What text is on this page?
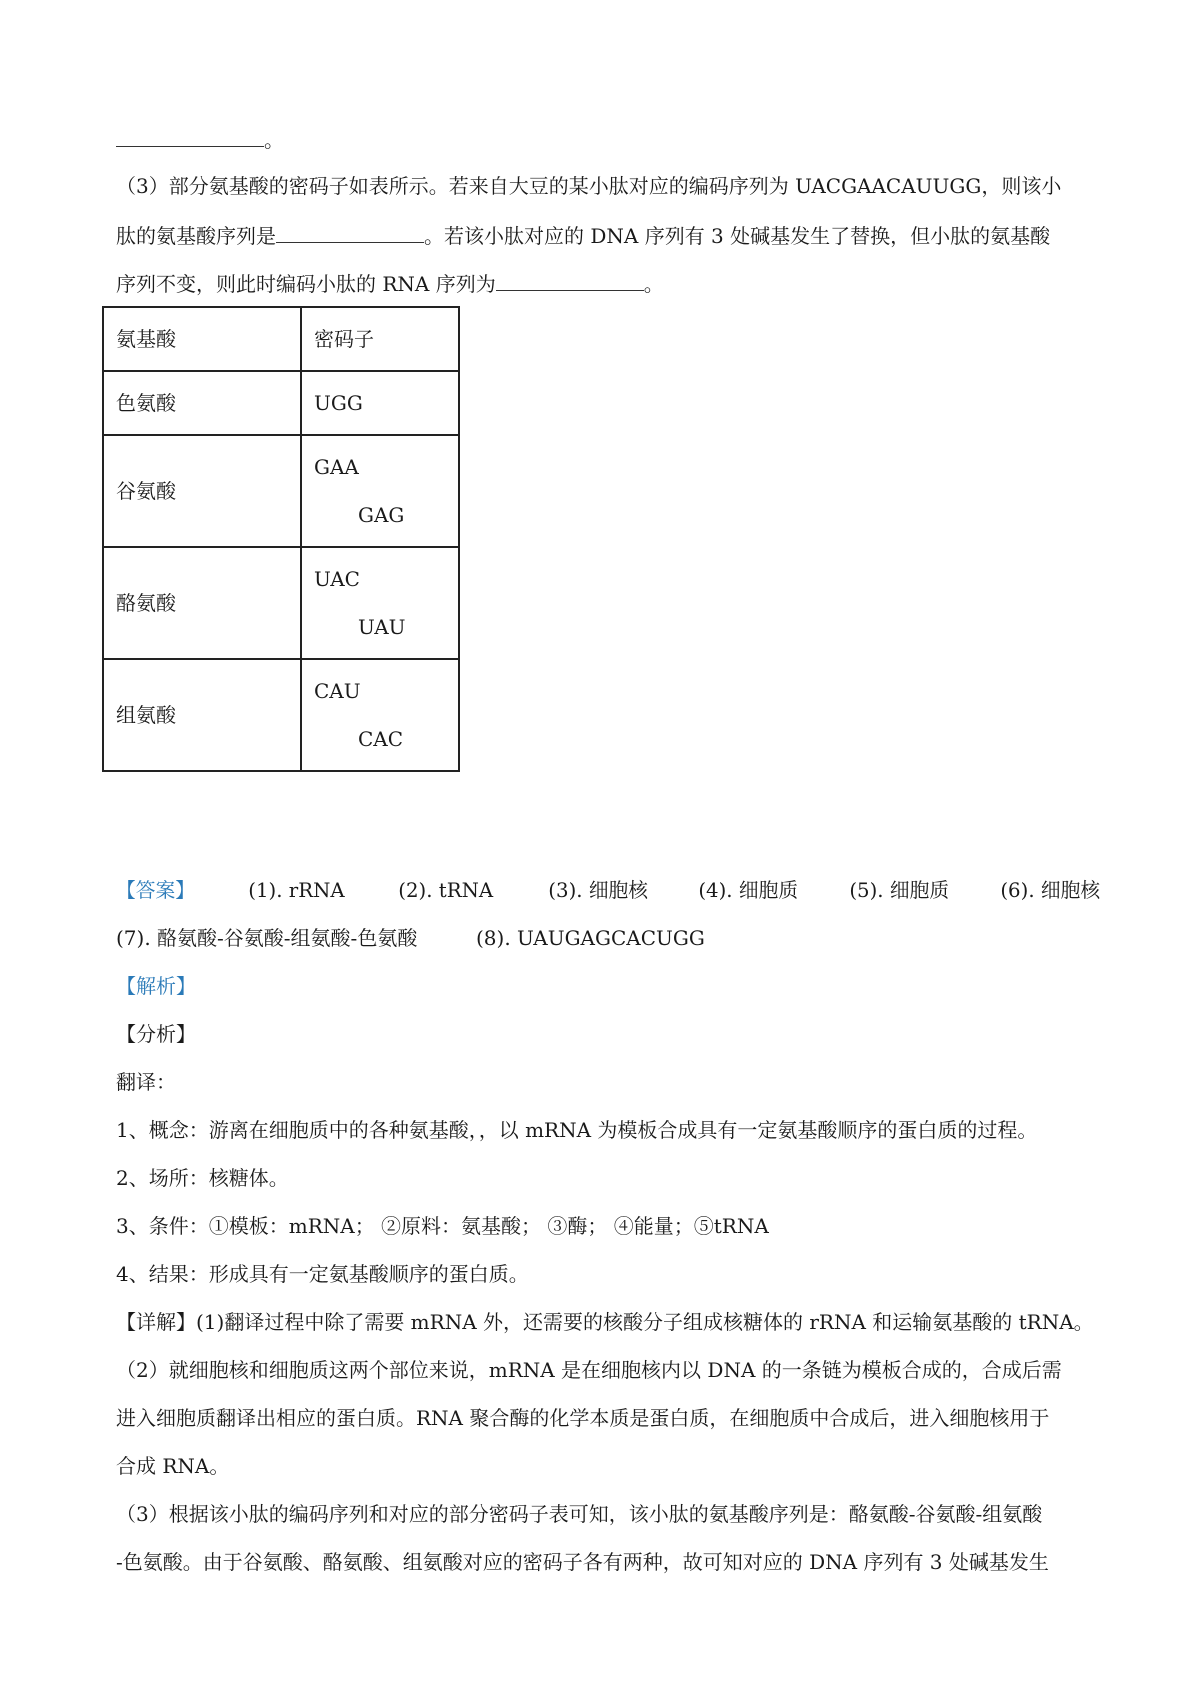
。
（3）部分氨基酸的密码子如表所示。若来自大豆的某小肽对应的编码序列为 UACGAACAUUGG，则该小
肽的氨基酸序列是	。若该小肽对应的 DNA 序列有 3 处碱基发生了替换，但小肽的氨基酸
序列不变，则此时编码小肽的 RNA 序列为	。
氨基酸	密码子
色氨酸	UGG

谷氨酸	GAA
GAG

酪氨酸	UAC
UAU

组氨酸	CAU
CAC
【答案】	(1). rRNA	(2). tRNA	(3). 细胞核	(4). 细胞质	(5). 细胞质	(6). 细胞核
(7). 酪氨酸-谷氨酸-组氨酸-色氨酸	(8). UAUGAGCACUGG
【解析】
【分析】
翻译：
1、概念：游离在细胞质中的各种氨基酸，，以 mRNA 为模板合成具有一定氨基酸顺序的蛋白质的过程。
2、场所：核糖体。
3、条件：①模板：mRNA； ②原料：氨基酸； ③酶； ④能量；⑤tRNA
4、结果：形成具有一定氨基酸顺序的蛋白质。
【详解】(1)翻译过程中除了需要 mRNA 外，还需要的核酸分子组成核糖体的 rRNA 和运输氨基酸的 tRNA。
（2）就细胞核和细胞质这两个部位来说，mRNA 是在细胞核内以 DNA 的一条链为模板合成的，合成后需
进入细胞质翻译出相应的蛋白质。RNA 聚合酶的化学本质是蛋白质，在细胞质中合成后，进入细胞核用于
合成 RNA。
（3）根据该小肽的编码序列和对应的部分密码子表可知，该小肽的氨基酸序列是：酪氨酸-谷氨酸-组氨酸
-色氨酸。由于谷氨酸、酪氨酸、组氨酸对应的密码子各有两种，故可知对应的 DNA 序列有 3 处碱基发生
